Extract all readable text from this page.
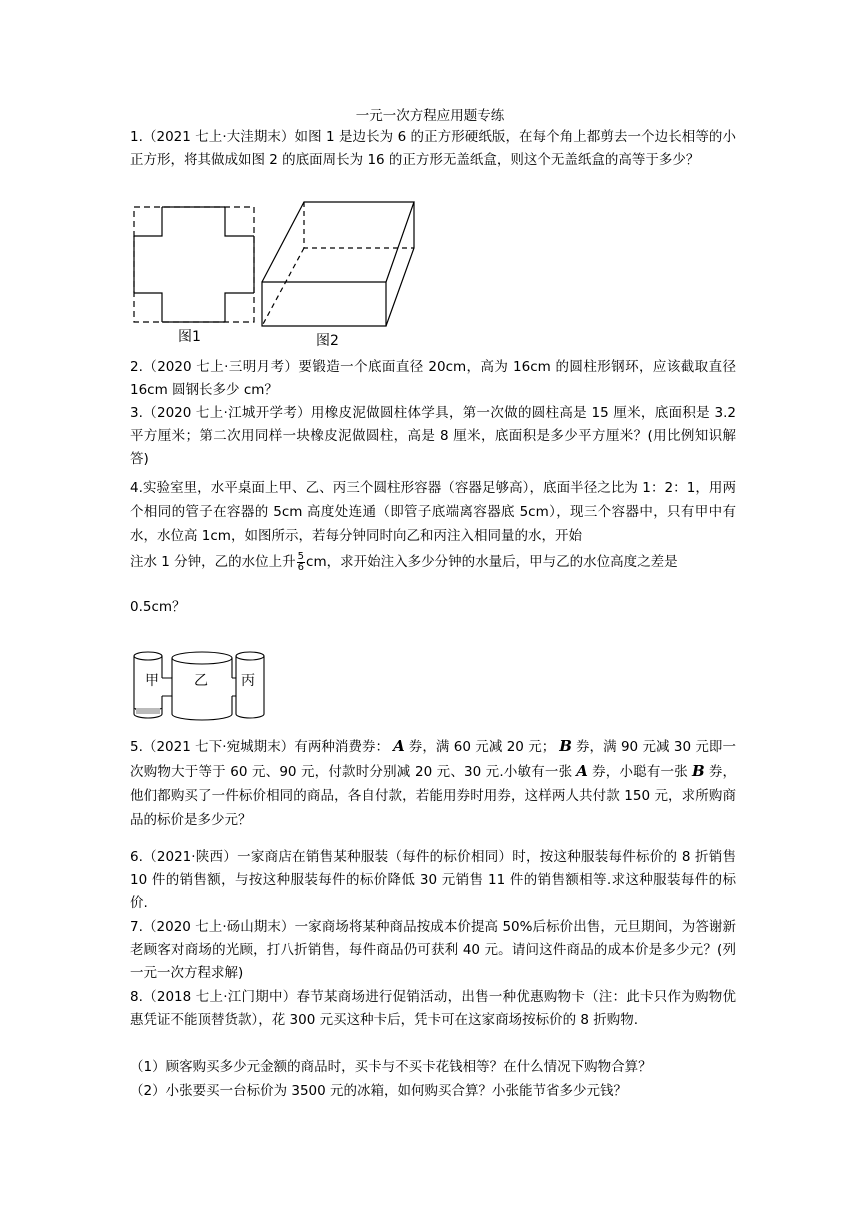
一元一次方程应用题专练
1.（2021 七上·大洼期末）如图 1 是边长为 6 的正方形硬纸版，在每个角上都剪去一个边长相等的小正方形，将其做成如图 2 的底面周长为 16 的正方形无盖纸盒，则这个无盖纸盒的高等于多少？
图1	图2
2.（2020 七上·三明月考）要锻造一个底面直径 20cm，高为 16cm 的圆柱形钢环，应该截取直径 16cm 圆钢长多少 cm？
3.（2020 七上·江城开学考）用橡皮泥做圆柱体学具，第一次做的圆柱高是 15 厘米，底面积是 3.2 平方厘米；第二次用同样一块橡皮泥做圆柱，高是 8 厘米，底面积是多少平方厘米？(用比例知识解答)
4.实验室里，水平桌面上甲、乙、丙三个圆柱形容器（容器足够高），底面半径之比为 1：2：1，用两个相同的管子在容器的 5cm 高度处连通（即管子底端离容器底 5cm），现三个容器中，只有甲中有水，水位高 1cm，如图所示，若每分钟同时向乙和丙注入相同量的水，开始
注水 1 分钟，乙的水位上升 $\frac{5}{6}$ cm，求开始注入多少分钟的水量后，甲与乙的水位高度之差是
0.5cm？
甲	乙 丙
5.（2021 七下·宛城期末）有两种消费券： A 券，满 60 元减 20 元； B 券，满 90 元减 30 元即一次购物大于等于 60 元、90 元，付款时分别减 20 元、30 元.小敏有一张 A 券，小聪有一张 B 券，他们都购买了一件标价相同的商品，各自付款，若能用券时用券，这样两人共付款 150 元，求所购商品的标价是多少元？
6.（2021·陕西）一家商店在销售某种服装（每件的标价相同）时，按这种服装每件标价的 8 折销售 10 件的销售额，与按这种服装每件的标价降低 30 元销售 11 件的销售额相等.求这种服装每件的标价.
7.（2020 七上·砀山期末）一家商场将某种商品按成本价提高 50%后标价出售，元旦期间，为答谢新老顾客对商场的光顾，打八折销售，每件商品仍可获利 40 元。请问这件商品的成本价是多少元？(列一元一次方程求解)
8.（2018 七上·江门期中）春节某商场进行促销活动，出售一种优惠购物卡（注：此卡只作为购物优惠凭证不能顶替货款），花 300 元买这种卡后，凭卡可在这家商场按标价的 8 折购物.
（1）顾客购买多少元金额的商品时，买卡与不买卡花钱相等？在什么情况下购物合算？
（2）小张要买一台标价为 3500 元的冰箱，如何购买合算？小张能节省多少元钱？
